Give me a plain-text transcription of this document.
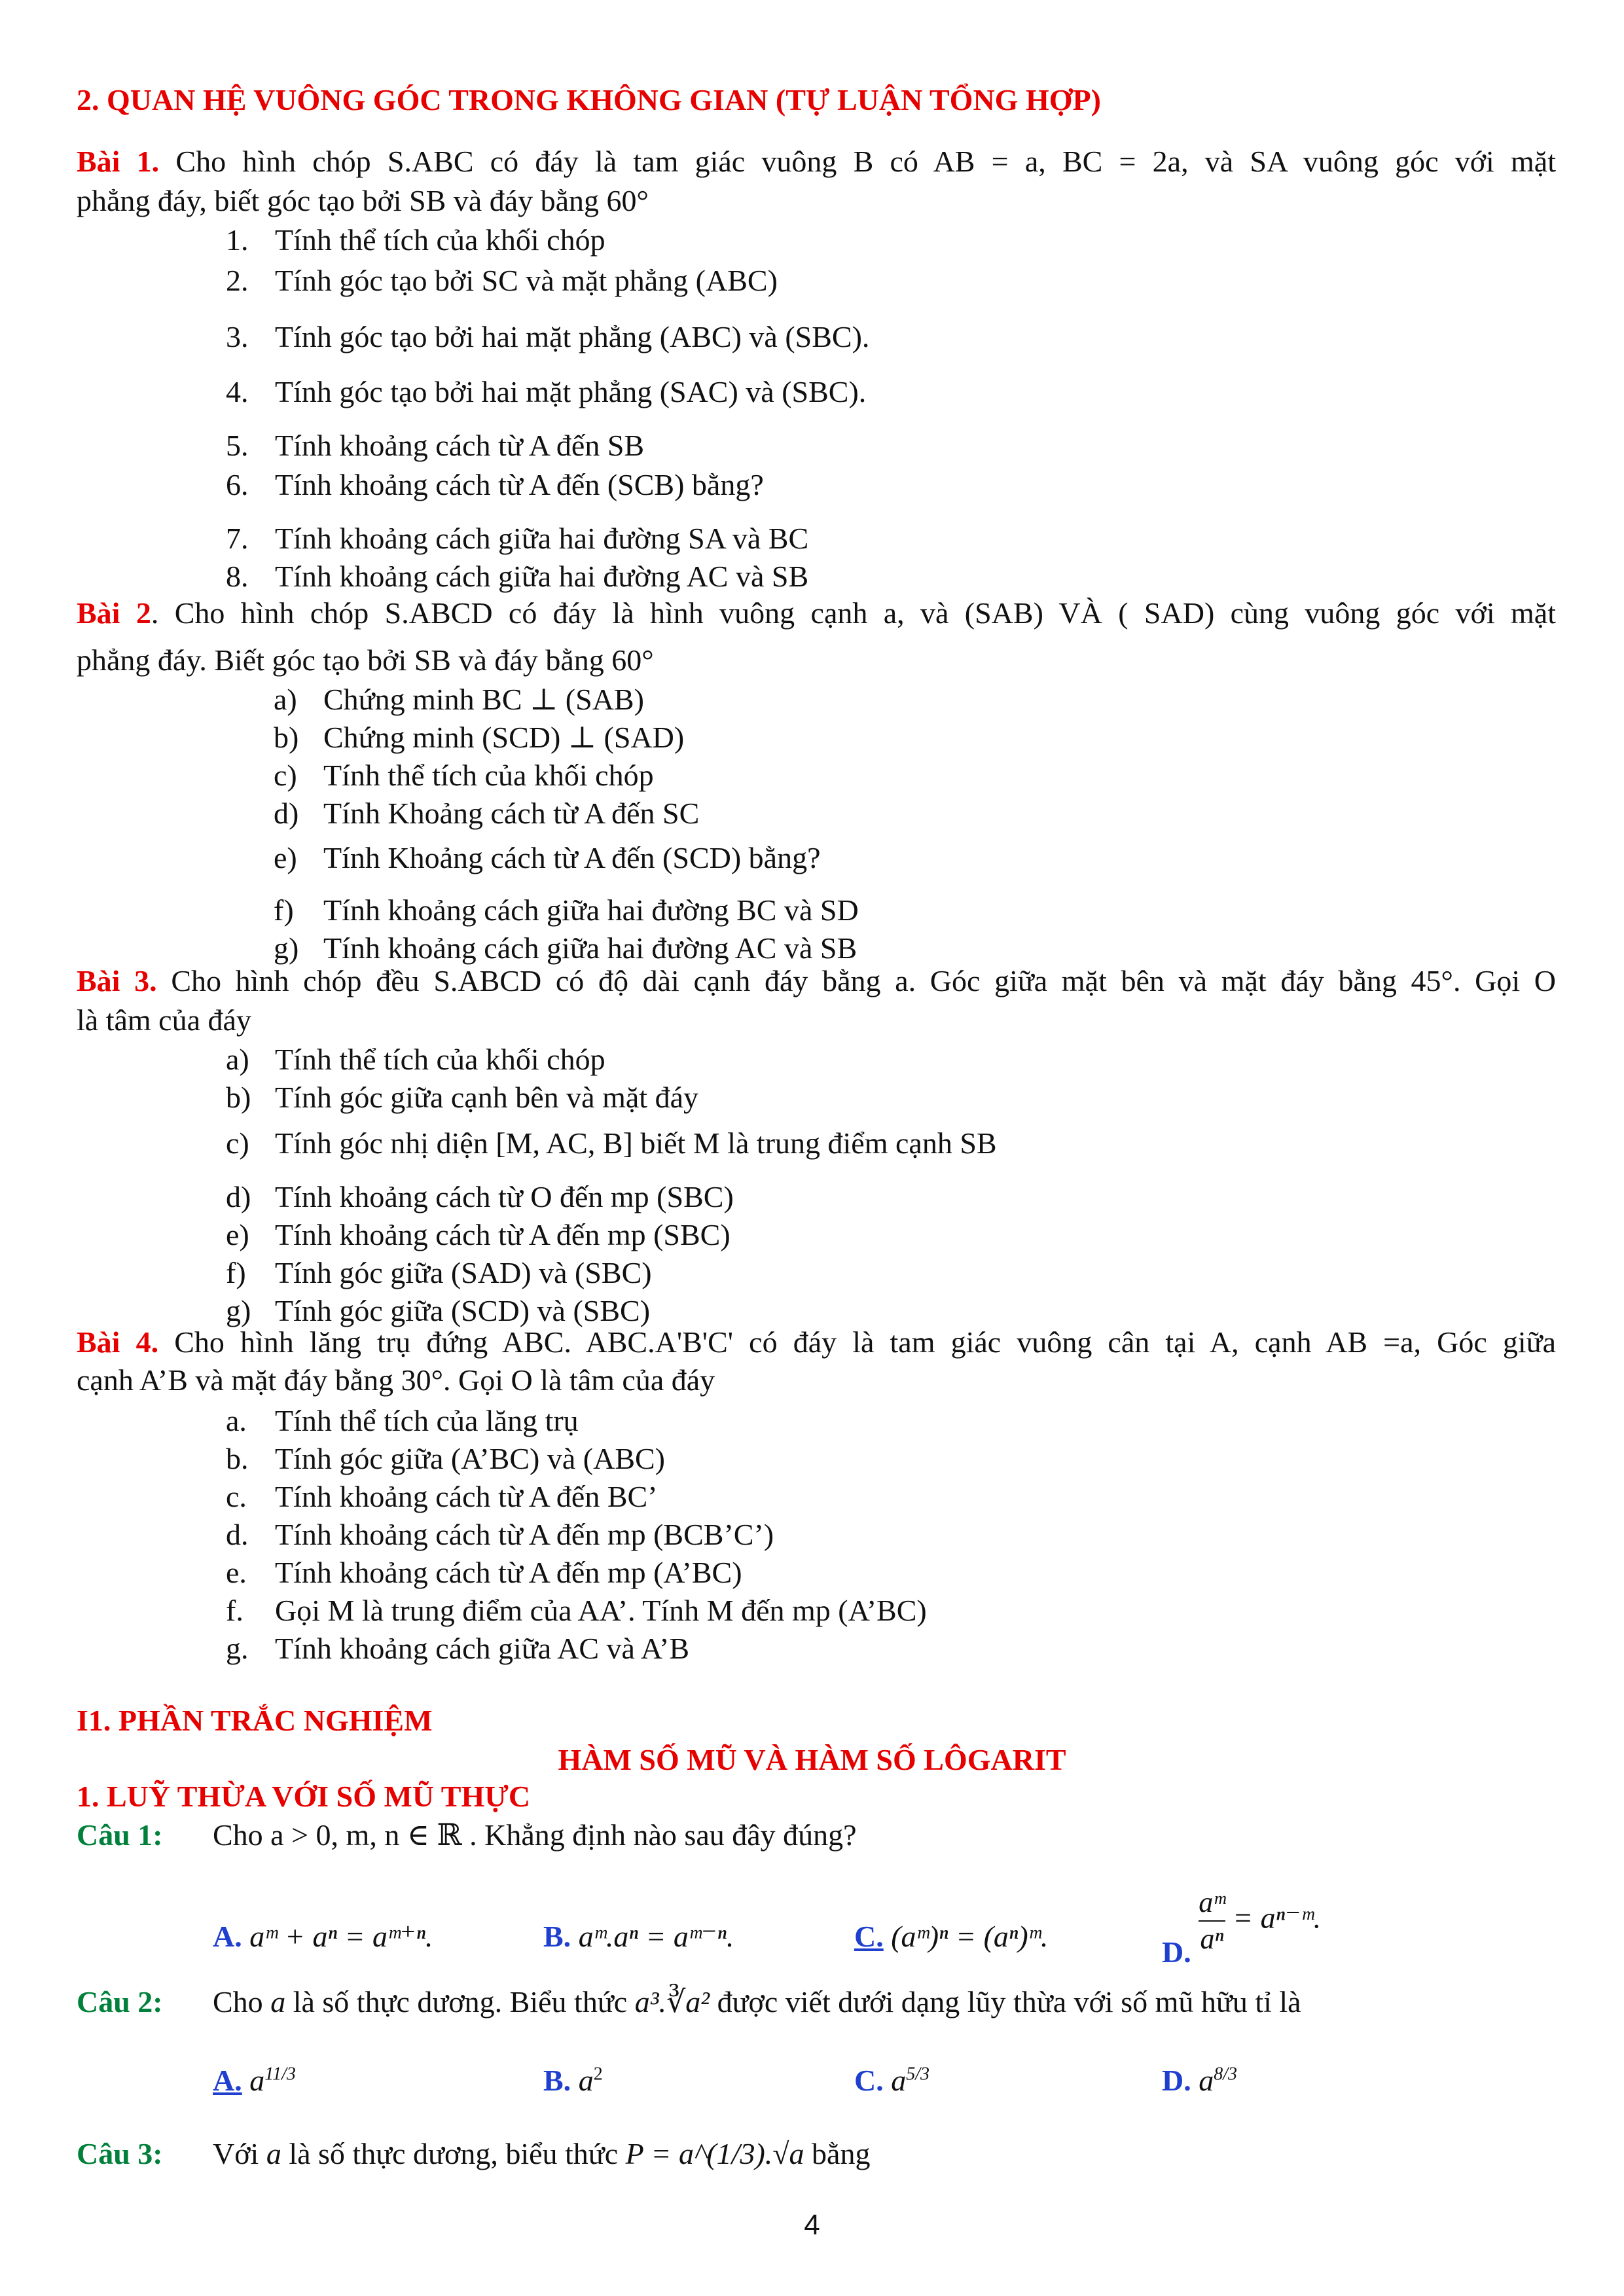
2. QUAN HỆ VUÔNG GÓC TRONG KHÔNG GIAN (TỰ LUẬN TỔNG HỢP)
Bài 1. Cho hình chóp S.ABC có đáy là tam giác vuông B có AB = a, BC = 2a, và SA vuông góc với mặt
phẳng đáy, biết góc tạo bởi SB và đáy bằng 60°
1. Tính thể tích của khối chóp
2. Tính góc tạo bởi SC và mặt phẳng (ABC)
3. Tính góc tạo bởi hai mặt phẳng (ABC) và (SBC).
4. Tính góc tạo bởi hai mặt phẳng (SAC) và (SBC).
5. Tính khoảng cách từ A đến SB
6. Tính khoảng cách từ A đến (SCB) bằng?
7. Tính khoảng cách giữa hai đường SA và BC
8. Tính khoảng cách giữa hai đường AC và SB
Bài 2. Cho hình chóp S.ABCD có đáy là hình vuông cạnh a, và (SAB) VÀ ( SAD) cùng vuông góc với mặt
phẳng đáy. Biết góc tạo bởi SB và đáy bằng 60°
a) Chứng minh BC ⊥ (SAB)
b) Chứng minh (SCD) ⊥ (SAD)
c) Tính thể tích của khối chóp
d) Tính Khoảng cách từ A đến SC
e) Tính Khoảng cách từ A đến (SCD) bằng?
f) Tính khoảng cách giữa hai đường BC và SD
g) Tính khoảng cách giữa hai đường AC và SB
Bài 3. Cho hình chóp đều S.ABCD có độ dài cạnh đáy bằng a. Góc giữa mặt bên và mặt đáy bằng 45°. Gọi O
là tâm của đáy
a) Tính thể tích của khối chóp
b) Tính góc giữa cạnh bên và mặt đáy
c) Tính góc nhị diện [M, AC, B] biết M là trung điểm cạnh SB
d) Tính khoảng cách từ O đến mp (SBC)
e) Tính khoảng cách từ A đến mp (SBC)
f) Tính góc giữa (SAD) và (SBC)
g) Tính góc giữa (SCD) và (SBC)
Bài 4. Cho hình lăng trụ đứng ABC. ABC.A'B'C' có đáy là tam giác vuông cân tại A, cạnh AB =a, Góc giữa
cạnh A’B và mặt đáy bằng 30°. Gọi O là tâm của đáy
a. Tính thể tích của lăng trụ
b. Tính góc giữa (A’BC) và (ABC)
c. Tính khoảng cách từ A đến BC’
d. Tính khoảng cách từ A đến mp (BCB’C’)
e. Tính khoảng cách từ A đến mp (A’BC)
f. Gọi M là trung điểm của AA’. Tính M đến mp (A’BC)
g. Tính khoảng cách giữa AC và A’B
I1. PHẦN TRẮC NGHIỆM
HÀM SỐ MŨ VÀ HÀM SỐ LÔGARIT
1. LUỸ THỪA VỚI SỐ MŨ THỰC
Câu 1: Cho a > 0, m, n ∈ ℝ . Khẳng định nào sau đây đúng?
A. aᵐ + aⁿ = aᵐ⁺ⁿ.	B. aᵐ.aⁿ = aᵐ⁻ⁿ.	C. (aᵐ)ⁿ = (aⁿ)ᵐ.	D. $\frac{\text{aᵐ}}{\text{aⁿ}}$ = aⁿ⁻ᵐ.
Câu 2: Cho a là số thực dương. Biểu thức a³.∛a² được viết dưới dạng lũy thừa với số mũ hữu tỉ là
A. $a^{11/3}$	B. $a^2$	C. $a^{5/3}$	D. $a^{8/3}$
Câu 3: Với a là số thực dương, biểu thức P = a^(1/3).√a bằng
4
